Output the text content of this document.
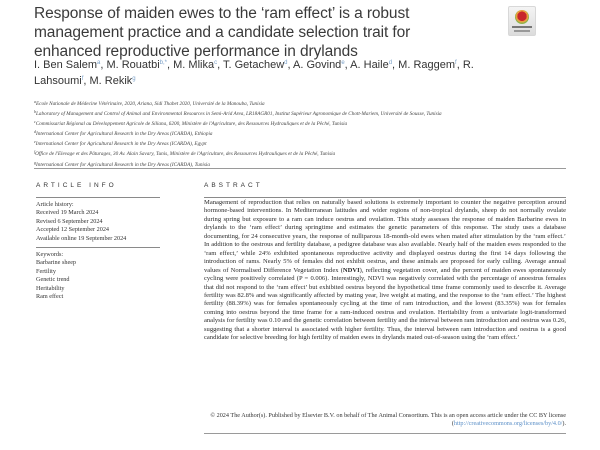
Response of maiden ewes to the ‘ram effect’ is a robust management practice and a candidate selection trait for enhanced reproductive performance in drylands
I. Ben Salem$^a$, M. Rouatbi$^{b,*}$, M. Mlika$^c$, T. Getachew$^d$, A. Govind$^e$, A. Haile$^d$, M. Raggem$^f$, R. Lahsoumi$^f$, M. Rekik$^g$
$^a$Ecole Nationale de Médecine Vétérinaire, 2020, Ariana, Sidi Thabet 2020, Université de la Manouba, Tunisia
$^b$Laboratory of Management and Control of Animal and Environmental Resources in Semi-Arid Area, LR18AGR01, Institut Supérieur Agronomique de Chott-Mariem, Université de Sousse, Tunisia
$^c$Commissariat Régional au Développement Agricole de Siliana, 6200, Ministère de l'Agriculture, des Ressources Hydrauliques et de la Pêché, Tunisia
$^d$International Center for Agricultural Research in the Dry Areas (ICARDA), Ethiopia
$^e$International Center for Agricultural Research in the Dry Areas (ICARDA), Egypt
$^f$Office de l'Elevage et des Pâturages, 30 Av. Alain Savary, Tunis, Ministère de l'Agriculture, des Ressources Hydrauliques et de la Pêché, Tunisia
$^g$International Center for Agricultural Research in the Dry Areas (ICARDA), Tunisia
ARTICLE INFO	ABSTRACT
Article history:
Received 19 March 2024
Revised 6 September 2024
Accepted 12 September 2024
Available online 19 September 2024
Keywords:
Barbarine sheep
Fertility
Genetic trend
Heritability
Ram effect
Management of reproduction that relies on naturally based solutions is extremely important to counter the negative perception around hormone-based interventions. In Mediterranean latitudes and wider regions of non-tropical drylands, sheep do not normally ovulate during spring but exposure to a ram can induce oestrus and ovulation. This study assesses the response of maiden Barbarine ewes in drylands to the ‘ram effect’ during springtime and estimates the genetic parameters of this response. The study uses a database documenting, for 24 consecutive years, the response of nulliparous 18-month-old ewes when mated after stimulation by the ‘ram effect.’ In addition to the oestrous and fertility database, a pedigree database was also available. Nearly half of the maiden ewes responded to the ‘ram effect,’ while 24% exhibited spontaneous reproductive activity and displayed oestrus during the first 14 days following the introduction of rams. Nearly 5% of females did not exhibit oestrus, and these animals are proposed for early culling. Average annual values of Normalised Difference Vegetation Index (NDVI), reflecting vegetation cover, and the percent of maiden ewes spontaneously cycling were positively correlated (P = 0.006). Interestingly, NDVI was negatively correlated with the percentage of anoestrus females that did not respond to the ‘ram effect’ but exhibited oestrus beyond the hypothetical time frame commonly used to describe it. Average fertility was 82.8% and was significantly affected by mating year, live weight at mating, and the response to the ‘ram effect.’ The highest fertility (88.39%) was for females spontaneously cycling at the time of ram introduction, and the lowest (83.35%) was for females coming into oestrus beyond the time frame for a ram-induced oestrus and ovulation. Heritability from a univariate logit-transformed analysis for fertility was 0.10 and the genetic correlation between fertility and the interval between ram introduction and oestrus was 0.26, suggesting that a shorter interval is associated with higher fertility. Thus, the interval between ram introduction and oestrus is a good candidate for selective breeding for high fertility of maiden ewes in drylands mated out-of-season using the ‘ram effect.’
© 2024 The Author(s). Published by Elsevier B.V. on behalf of The Animal Consortium. This is an open access article under the CC BY license (http://creativecommons.org/licenses/by/4.0/).
